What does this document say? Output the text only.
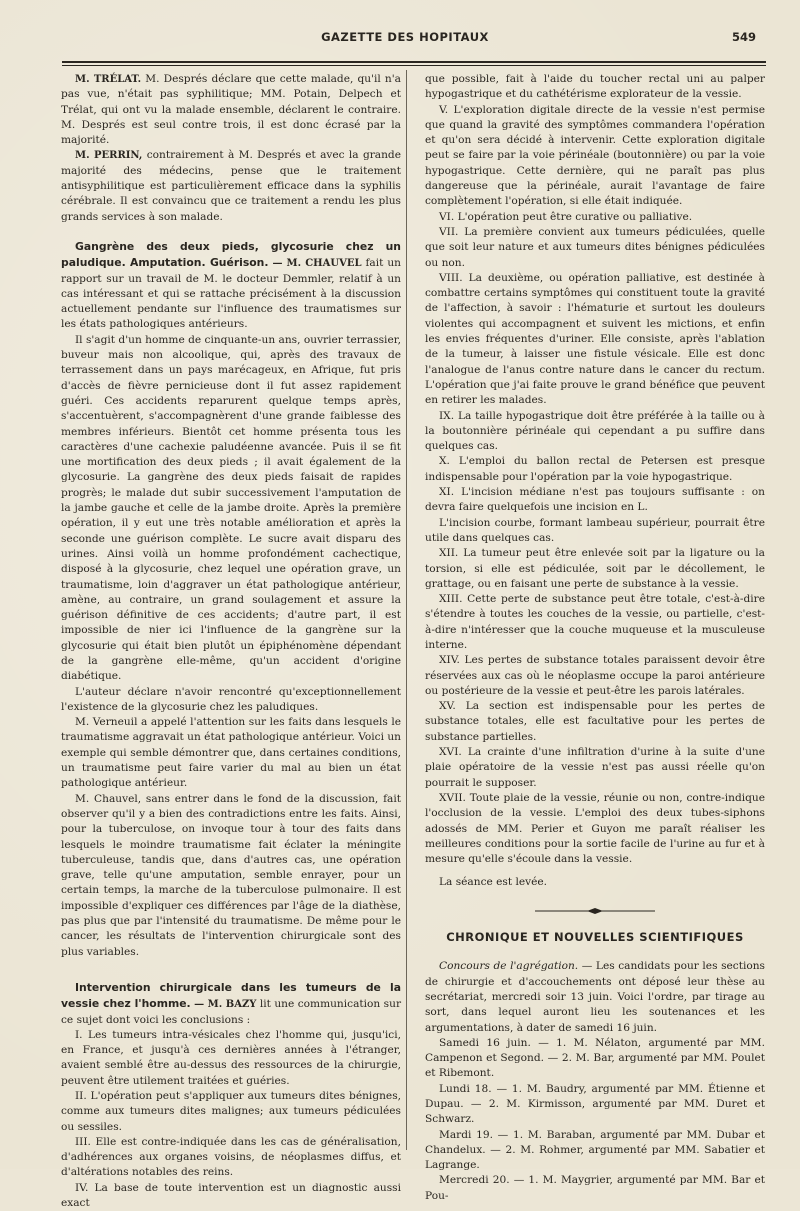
GAZETTE DES HOPITAUX	549

M. TRÉLAT. M. Després déclare que cette malade, qu'il n'a pas vue, n'était pas syphilitique; MM. Potain, Delpech et Trélat, qui ont vu la malade ensemble, déclarent le contraire. M. Després est seul contre trois, il est donc écrasé par la majorité.

M. PERRIN, contrairement à M. Després et avec la grande majorité des médecins, pense que le traitement antisyphilitique est particulièrement efficace dans la syphilis cérébrale. Il est convaincu que ce traitement a rendu les plus grands services à son malade.

Gangrène des deux pieds, glycosurie chez un paludique. Amputation. Guérison. — M. CHAUVEL fait un rapport sur un travail de M. le docteur Demmler, relatif à un cas intéressant et qui se rattache précisément à la discussion actuellement pendante sur l'influence des traumatismes sur les états pathologiques antérieurs.

Il s'agit d'un homme de cinquante-un ans, ouvrier terrassier, buveur mais non alcoolique, qui, après des travaux de terrassement dans un pays marécageux, en Afrique, fut pris d'accès de fièvre pernicieuse dont il fut assez rapidement guéri. Ces accidents reparurent quelque temps après, s'accentuèrent, s'accompagnèrent d'une grande faiblesse des membres inférieurs. Bientôt cet homme présenta tous les caractères d'une cachexie paludéenne avancée. Puis il se fit une mortification des deux pieds ; il avait également de la glycosurie. La gangrène des deux pieds faisait de rapides progrès; le malade dut subir successivement l'amputation de la jambe gauche et celle de la jambe droite. Après la première opération, il y eut une très notable amélioration et après la seconde une guérison complète. Le sucre avait disparu des urines. Ainsi voilà un homme profondément cachectique, disposé à la glycosurie, chez lequel une opération grave, un traumatisme, loin d'aggraver un état pathologique antérieur, amène, au contraire, un grand soulagement et assure la guérison définitive de ces accidents; d'autre part, il est impossible de nier ici l'influence de la gangrène sur la glycosurie qui était bien plutôt un épiphénomène dépendant de la gangrène elle-même, qu'un accident d'origine diabétique.

L'auteur déclare n'avoir rencontré qu'exceptionnellement l'existence de la glycosurie chez les paludiques.

M. Verneuil a appelé l'attention sur les faits dans lesquels le traumatisme aggravait un état pathologique antérieur. Voici un exemple qui semble démontrer que, dans certaines conditions, un traumatisme peut faire varier du mal au bien un état pathologique antérieur.

M. Chauvel, sans entrer dans le fond de la discussion, fait observer qu'il y a bien des contradictions entre les faits. Ainsi, pour la tuberculose, on invoque tour à tour des faits dans lesquels le moindre traumatisme fait éclater la méningite tuberculeuse, tandis que, dans d'autres cas, une opération grave, telle qu'une amputation, semble enrayer, pour un certain temps, la marche de la tuberculose pulmonaire. Il est impossible d'expliquer ces différences par l'âge de la diathèse, pas plus que par l'intensité du traumatisme. De même pour le cancer, les résultats de l'intervention chirurgicale sont des plus variables.

Intervention chirurgicale dans les tumeurs de la vessie chez l'homme. — M. BAZY lit une communication sur ce sujet dont voici les conclusions :

I. Les tumeurs intra-vésicales chez l'homme qui, jusqu'ici, en France, et jusqu'à ces dernières années à l'étranger, avaient semblé être au-dessus des ressources de la chirurgie, peuvent être utilement traitées et guéries.

II. L'opération peut s'appliquer aux tumeurs dites bénignes, comme aux tumeurs dites malignes; aux tumeurs pédiculées ou sessiles.

III. Elle est contre-indiquée dans les cas de généralisation, d'adhérences aux organes voisins, de néoplasmes diffus, et d'altérations notables des reins.

IV. La base de toute intervention est un diagnostic aussi exact

que possible, fait à l'aide du toucher rectal uni au palper hypogastrique et du cathétérisme explorateur de la vessie.

V. L'exploration digitale directe de la vessie n'est permise que quand la gravité des symptômes commandera l'opération et qu'on sera décidé à intervenir. Cette exploration digitale peut se faire par la voie périnéale (boutonnière) ou par la voie hypogastrique. Cette dernière, qui ne paraît pas plus dangereuse que la périnéale, aurait l'avantage de faire complètement l'opération, si elle était indiquée.

VI. L'opération peut être curative ou palliative.

VII. La première convient aux tumeurs pédiculées, quelle que soit leur nature et aux tumeurs dites bénignes pédiculées ou non.

VIII. La deuxième, ou opération palliative, est destinée à combattre certains symptômes qui constituent toute la gravité de l'affection, à savoir : l'hématurie et surtout les douleurs violentes qui accompagnent et suivent les mictions, et enfin les envies fréquentes d'uriner. Elle consiste, après l'ablation de la tumeur, à laisser une fistule vésicale. Elle est donc l'analogue de l'anus contre nature dans le cancer du rectum. L'opération que j'ai faite prouve le grand bénéfice que peuvent en retirer les malades.

IX. La taille hypogastrique doit être préférée à la taille ou à la boutonnière périnéale qui cependant a pu suffire dans quelques cas.

X. L'emploi du ballon rectal de Petersen est presque indispensable pour l'opération par la voie hypogastrique.

XI. L'incision médiane n'est pas toujours suffisante : on devra faire quelquefois une incision en L.

L'incision courbe, formant lambeau supérieur, pourrait être utile dans quelques cas.

XII. La tumeur peut être enlevée soit par la ligature ou la torsion, si elle est pédiculée, soit par le décollement, le grattage, ou en faisant une perte de substance à la vessie.

XIII. Cette perte de substance peut être totale, c'est-à-dire s'étendre à toutes les couches de la vessie, ou partielle, c'est-à-dire n'intéresser que la couche muqueuse et la musculeuse interne.

XIV. Les pertes de substance totales paraissent devoir être réservées aux cas où le néoplasme occupe la paroi antérieure ou postérieure de la vessie et peut-être les parois latérales.

XV. La section est indispensable pour les pertes de substance totales, elle est facultative pour les pertes de substance partielles.

XVI. La crainte d'une infiltration d'urine à la suite d'une plaie opératoire de la vessie n'est pas aussi réelle qu'on pourrait le supposer.

XVII. Toute plaie de la vessie, réunie ou non, contre-indique l'occlusion de la vessie. L'emploi des deux tubes-siphons adossés de MM. Perier et Guyon me paraît réaliser les meilleures conditions pour la sortie facile de l'urine au fur et à mesure qu'elle s'écoule dans la vessie.

La séance est levée.

CHRONIQUE ET NOUVELLES SCIENTIFIQUES

Concours de l'agrégation. — Les candidats pour les sections de chirurgie et d'accouchements ont déposé leur thèse au secrétariat, mercredi soir 13 juin. Voici l'ordre, par tirage au sort, dans lequel auront lieu les soutenances et les argumentations, à dater de samedi 16 juin.

Samedi 16 juin. — 1. M. Nélaton, argumenté par MM. Campenon et Segond. — 2. M. Bar, argumenté par MM. Poulet et Ribemont.

Lundi 18. — 1. M. Baudry, argumenté par MM. Étienne et Dupau. — 2. M. Kirmisson, argumenté par MM. Duret et Schwarz.

Mardi 19. — 1. M. Baraban, argumenté par MM. Dubar et Chandelux. — 2. M. Rohmer, argumenté par MM. Sabatier et Lagrange.

Mercredi 20. — 1. M. Maygrier, argumenté par MM. Bar et Pou-
